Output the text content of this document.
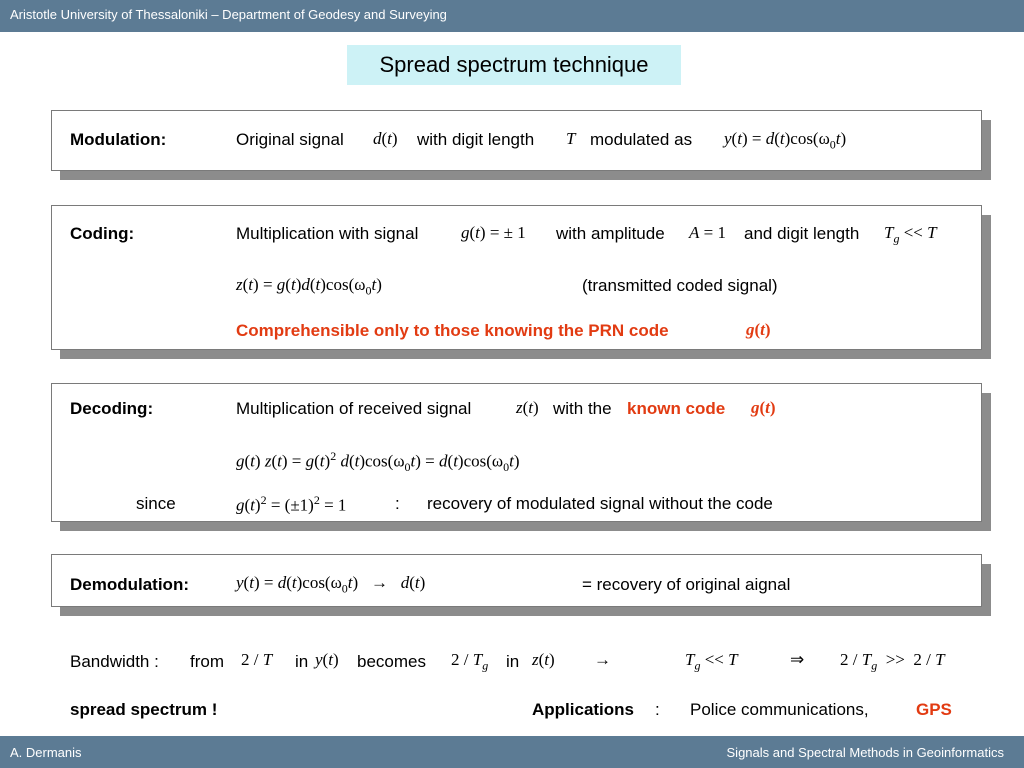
Aristotle University of Thessaloniki – Department of Geodesy and Surveying
Spread spectrum technique
Modulation:	Original signal d(t) with digit length T modulated as $y(t) = d(t)\cos(\omega_0t)$
Coding:	Multiplication with signal	g(t) = ± 1 with amplitude A = 1 and digit length $T_g << T$
$z(t) = g(t)d(t)\cos(\omega_0t)$	(transmitted coded signal)
Comprehensible only to those knowing the PRN code	g(t)
Decoding:	Multiplication of received signal	z(t) with the known code g(t)
g(t) $z(t) = g(t)^2$ $d(t)\cos(\omega_0t) = d(t)\cos(\omega_0t)$
since	$g(t)^2 = (\pm 1)^2 = 1$	: recovery of modulated signal without the code
Demodulation:	$y(t) = d(t)\cos(\omega_0t) \to d(t)$	= recovery of original aignal
Bandwidth : from 2 / T in y(t) becomes $2 / T_g$ in z(t) →	$T_g << T$	⇒ $2 / T_g >> 2 / T$
spread spectrum !	Applications : Police communications,	GPS
A. Dermanis	Signals and Spectral Methods in Geoinformatics
